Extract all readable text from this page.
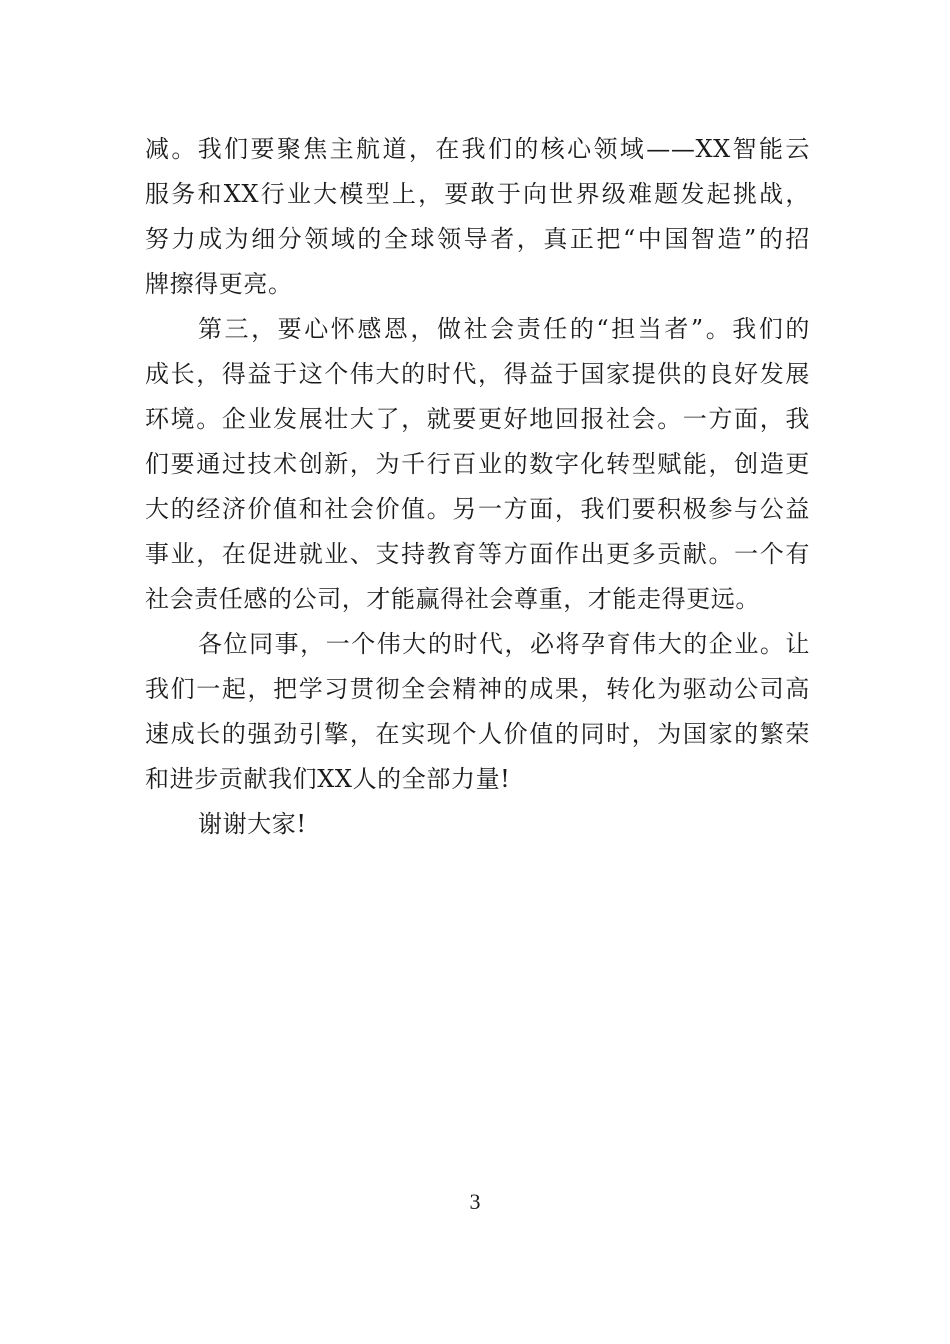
减。我们要聚焦主航道，在我们的核心领域——XX智能云
服务和XX行业大模型上，要敢于向世界级难题发起挑战，
努力成为细分领域的全球领导者，真正把“中国智造”的招
牌擦得更亮。
第三，要心怀感恩，做社会责任的“担当者”。我们的
成长，得益于这个伟大的时代，得益于国家提供的良好发展
环境。企业发展壮大了，就要更好地回报社会。一方面，我
们要通过技术创新，为千行百业的数字化转型赋能，创造更
大的经济价值和社会价值。另一方面，我们要积极参与公益
事业，在促进就业、支持教育等方面作出更多贡献。一个有
社会责任感的公司，才能赢得社会尊重，才能走得更远。
各位同事，一个伟大的时代，必将孕育伟大的企业。让
我们一起，把学习贯彻全会精神的成果，转化为驱动公司高
速成长的强劲引擎，在实现个人价值的同时，为国家的繁荣
和进步贡献我们XX人的全部力量!
谢谢大家!
3
